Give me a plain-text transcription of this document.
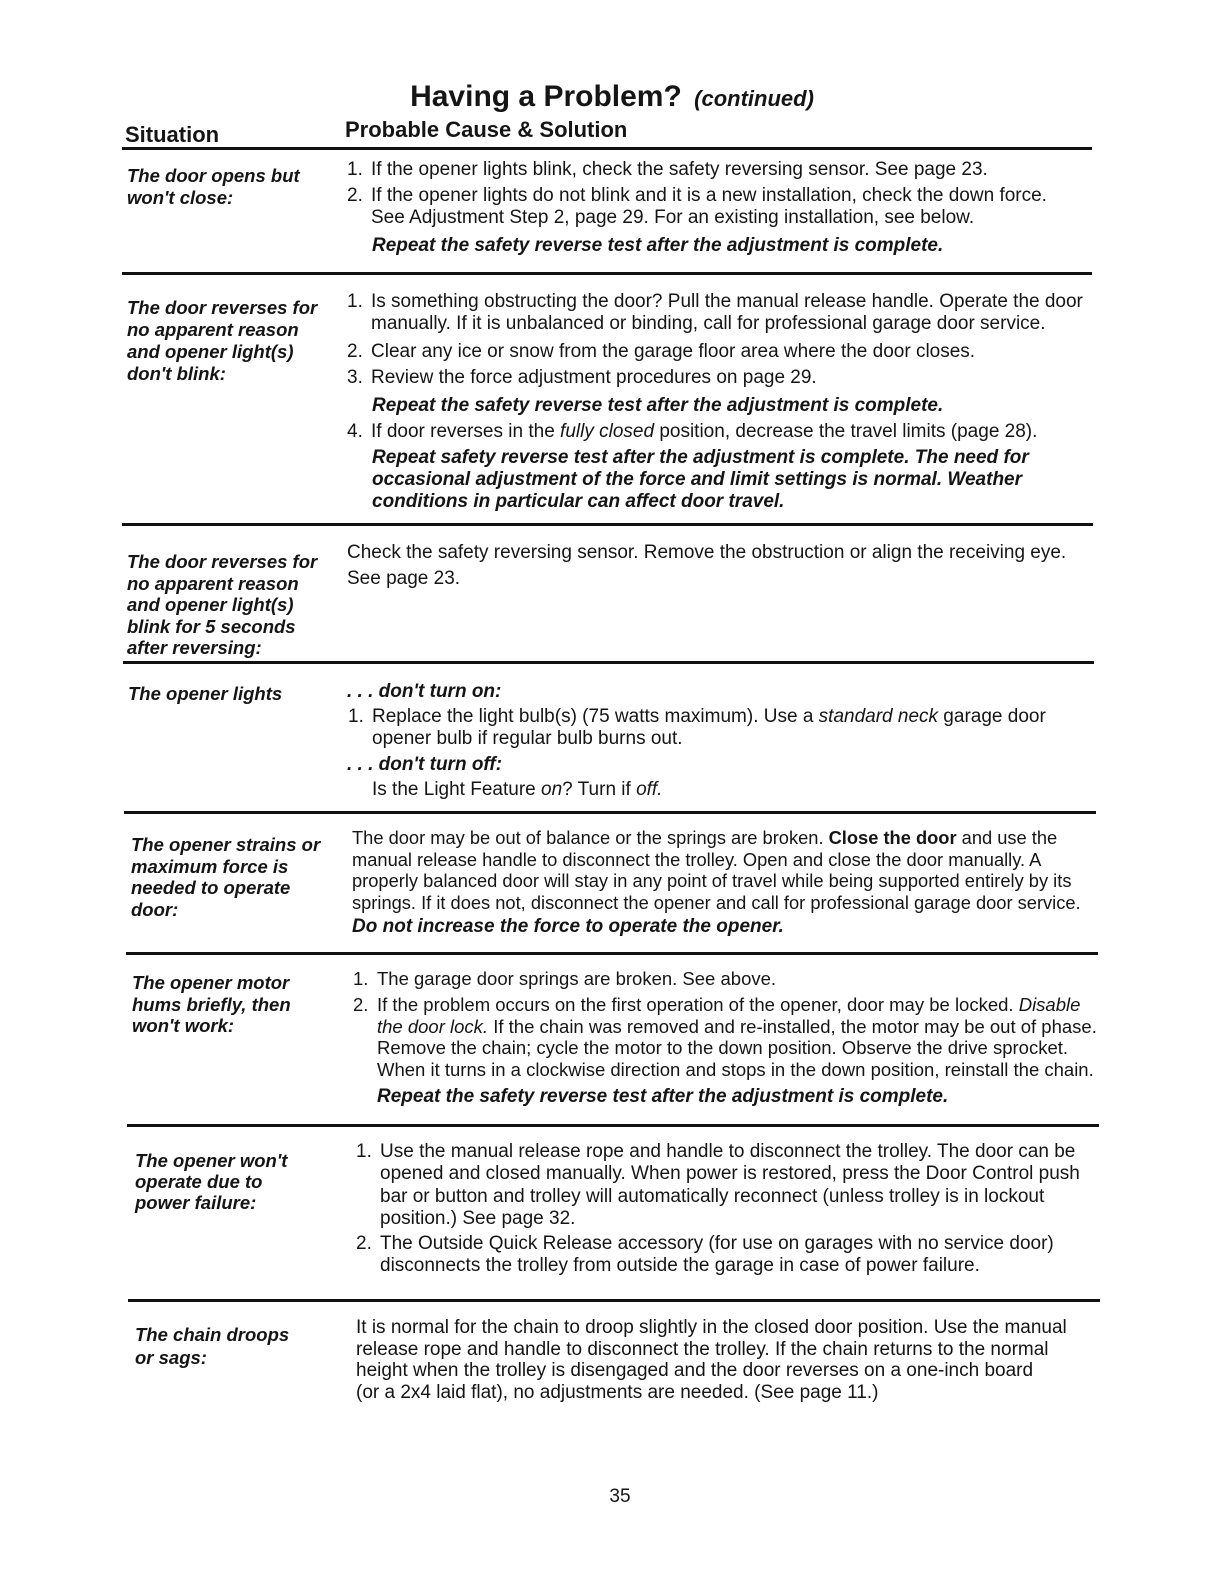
Having a Problem? (continued)
Situation	Probable Cause & Solution
The door opens but
won't close:
1. If the opener lights blink, check the safety reversing sensor. See page 23.
2. If the opener lights do not blink and it is a new installation, check the down force.
See Adjustment Step 2, page 29. For an existing installation, see below.
Repeat the safety reverse test after the adjustment is complete.
The door reverses for
no apparent reason
and opener light(s)
don't blink:
1. Is something obstructing the door? Pull the manual release handle. Operate the door
manually. If it is unbalanced or binding, call for professional garage door service.
2. Clear any ice or snow from the garage floor area where the door closes.
3. Review the force adjustment procedures on page 29.
Repeat the safety reverse test after the adjustment is complete.
4. If door reverses in the fully closed position, decrease the travel limits (page 28).
Repeat safety reverse test after the adjustment is complete. The need for
occasional adjustment of the force and limit settings is normal. Weather
conditions in particular can affect door travel.
The door reverses for
no apparent reason
and opener light(s)
blink for 5 seconds
after reversing:
Check the safety reversing sensor. Remove the obstruction or align the receiving eye.
See page 23.
The opener lights	. . . don't turn on:
1. Replace the light bulb(s) (75 watts maximum). Use a standard neck garage door
opener bulb if regular bulb burns out.
. . . don't turn off:
Is the Light Feature on? Turn if off.
The opener strains or
maximum force is
needed to operate
door:
The door may be out of balance or the springs are broken. Close the door and use the
manual release handle to disconnect the trolley. Open and close the door manually. A
properly balanced door will stay in any point of travel while being supported entirely by its
springs. If it does not, disconnect the opener and call for professional garage door service.
Do not increase the force to operate the opener.
The opener motor
hums briefly, then
won't work:
1. The garage door springs are broken. See above.
2. If the problem occurs on the first operation of the opener, door may be locked. Disable
the door lock. If the chain was removed and re-installed, the motor may be out of phase.
Remove the chain; cycle the motor to the down position. Observe the drive sprocket.
When it turns in a clockwise direction and stops in the down position, reinstall the chain.
Repeat the safety reverse test after the adjustment is complete.
The opener won't
operate due to
power failure:
1. Use the manual release rope and handle to disconnect the trolley. The door can be
opened and closed manually. When power is restored, press the Door Control push
bar or button and trolley will automatically reconnect (unless trolley is in lockout
position.) See page 32.
2. The Outside Quick Release accessory (for use on garages with no service door)
disconnects the trolley from outside the garage in case of power failure.
The chain droops
or sags:
It is normal for the chain to droop slightly in the closed door position. Use the manual
release rope and handle to disconnect the trolley. If the chain returns to the normal
height when the trolley is disengaged and the door reverses on a one-inch board
(or a 2x4 laid flat), no adjustments are needed. (See page 11.)
35
